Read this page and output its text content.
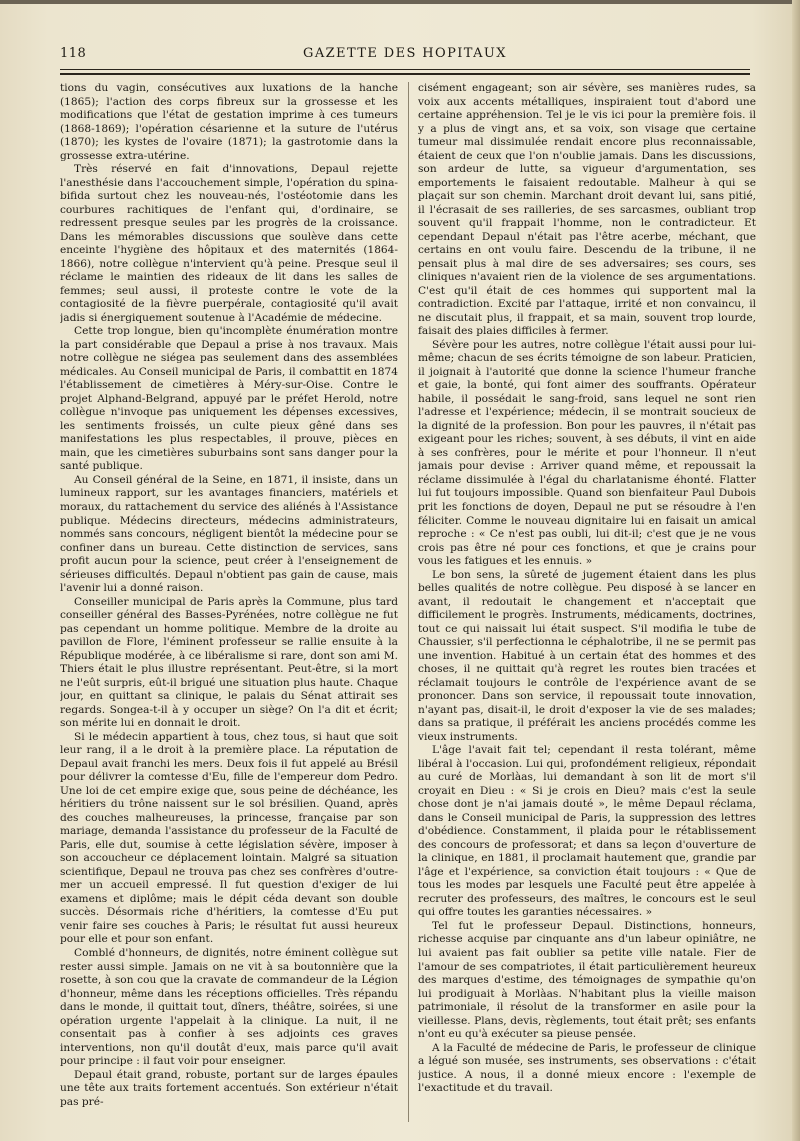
118	GAZETTE DES HOPITAUX

tions du vagin, consécutives aux luxations de la hanche (1865); l'action des corps fibreux sur la grossesse et les modifications que l'état de gestation imprime à ces tumeurs (1868-1869); l'opération césarienne et la suture de l'utérus (1870); les kystes de l'ovaire (1871); la gastrotomie dans la grossesse extra-utérine.

Très réservé en fait d'innovations, Depaul rejette l'anesthésie dans l'accouchement simple, l'opération du spina-bifida surtout chez les nouveau-nés, l'ostéotomie dans les courbures rachitiques de l'enfant qui, d'ordinaire, se redressent presque seules par les progrès de la croissance. Dans les mémorables discussions que soulève dans cette enceinte l'hygiène des hôpitaux et des maternités (1864-1866), notre collègue n'intervient qu'à peine. Presque seul il réclame le maintien des rideaux de lit dans les salles de femmes; seul aussi, il proteste contre le vote de la contagiosité de la fièvre puerpérale, contagiosité qu'il avait jadis si énergiquement soutenue à l'Académie de médecine.

Cette trop longue, bien qu'incomplète énumération montre la part considérable que Depaul a prise à nos travaux. Mais notre collègue ne siégea pas seulement dans des assemblées médicales. Au Conseil municipal de Paris, il combattit en 1874 l'établissement de cimetières à Méry-sur-Oise. Contre le projet Alphand-Belgrand, appuyé par le préfet Herold, notre collègue n'invoque pas uniquement les dépenses excessives, les sentiments froissés, un culte pieux gêné dans ses manifestations les plus respectables, il prouve, pièces en main, que les cimetières suburbains sont sans danger pour la santé publique.

Au Conseil général de la Seine, en 1871, il insiste, dans un lumineux rapport, sur les avantages financiers, matériels et moraux, du rattachement du service des aliénés à l'Assistance publique. Médecins directeurs, médecins administrateurs, nommés sans concours, négligent bientôt la médecine pour se confiner dans un bureau. Cette distinction de services, sans profit aucun pour la science, peut créer à l'enseignement de sérieuses difficultés. Depaul n'obtient pas gain de cause, mais l'avenir lui a donné raison.

Conseiller municipal de Paris après la Commune, plus tard conseiller général des Basses-Pyrénées, notre collègue ne fut pas cependant un homme politique. Membre de la droite au pavillon de Flore, l'éminent professeur se rallie ensuite à la République modérée, à ce libéralisme si rare, dont son ami M. Thiers était le plus illustre représentant. Peut-être, si la mort ne l'eût surpris, eût-il brigué une situation plus haute. Chaque jour, en quittant sa clinique, le palais du Sénat attirait ses regards. Songea-t-il à y occuper un siège? On l'a dit et écrit; son mérite lui en donnait le droit.

Si le médecin appartient à tous, chez tous, si haut que soit leur rang, il a le droit à la première place. La réputation de Depaul avait franchi les mers. Deux fois il fut appelé au Brésil pour délivrer la comtesse d'Eu, fille de l'empereur dom Pedro. Une loi de cet empire exige que, sous peine de déchéance, les héritiers du trône naissent sur le sol brésilien. Quand, après des couches malheureuses, la princesse, française par son mariage, demanda l'assistance du professeur de la Faculté de Paris, elle dut, soumise à cette législation sévère, imposer à son accoucheur ce déplacement lointain. Malgré sa situation scientifique, Depaul ne trouva pas chez ses confrères d'outre-mer un accueil empressé. Il fut question d'exiger de lui examens et diplôme; mais le dépit céda devant son double succès. Désormais riche d'héritiers, la comtesse d'Eu put venir faire ses couches à Paris; le résultat fut aussi heureux pour elle et pour son enfant.

Comblé d'honneurs, de dignités, notre éminent collègue sut rester aussi simple. Jamais on ne vit à sa boutonnière que la rosette, à son cou que la cravate de commandeur de la Légion d'honneur, même dans les réceptions officielles. Très répandu dans le monde, il quittait tout, dîners, théâtre, soirées, si une opération urgente l'appelait à la clinique. La nuit, il ne consentait pas à confier à ses adjoints ces graves interventions, non qu'il doutât d'eux, mais parce qu'il avait pour principe : il faut voir pour enseigner.

Depaul était grand, robuste, portant sur de larges épaules une tête aux traits fortement accentués. Son extérieur n'était pas pré-

cisément engageant; son air sévère, ses manières rudes, sa voix aux accents métalliques, inspiraient tout d'abord une certaine appréhension. Tel je le vis ici pour la première fois. il y a plus de vingt ans, et sa voix, son visage que certaine tumeur mal dissimulée rendait encore plus reconnaissable, étaient de ceux que l'on n'oublie jamais. Dans les discussions, son ardeur de lutte, sa vigueur d'argumentation, ses emportements le faisaient redoutable. Malheur à qui se plaçait sur son chemin. Marchant droit devant lui, sans pitié, il l'écrasait de ses railleries, de ses sarcasmes, oubliant trop souvent qu'il frappait l'homme, non le contradicteur. Et cependant Depaul n'était pas l'être acerbe, méchant, que certains en ont voulu faire. Descendu de la tribune, il ne pensait plus à mal dire de ses adversaires; ses cours, ses cliniques n'avaient rien de la violence de ses argumentations. C'est qu'il était de ces hommes qui supportent mal la contradiction. Excité par l'attaque, irrité et non convaincu, il ne discutait plus, il frappait, et sa main, souvent trop lourde, faisait des plaies difficiles à fermer.

Sévère pour les autres, notre collègue l'était aussi pour lui-même; chacun de ses écrits témoigne de son labeur. Praticien, il joignait à l'autorité que donne la science l'humeur franche et gaie, la bonté, qui font aimer des souffrants. Opérateur habile, il possédait le sang-froid, sans lequel ne sont rien l'adresse et l'expérience; médecin, il se montrait soucieux de la dignité de la profession. Bon pour les pauvres, il n'était pas exigeant pour les riches; souvent, à ses débuts, il vint en aide à ses confrères, pour le mérite et pour l'honneur. Il n'eut jamais pour devise : Arriver quand même, et repoussait la réclame dissimulée à l'égal du charlatanisme éhonté. Flatter lui fut toujours impossible. Quand son bienfaiteur Paul Dubois prit les fonctions de doyen, Depaul ne put se résoudre à l'en féliciter. Comme le nouveau dignitaire lui en faisait un amical reproche : « Ce n'est pas oubli, lui dit-il; c'est que je ne vous crois pas être né pour ces fonctions, et que je crains pour vous les fatigues et les ennuis. »

Le bon sens, la sûreté de jugement étaient dans les plus belles qualités de notre collègue. Peu disposé à se lancer en avant, il redoutait le changement et n'acceptait que difficilement le progrès. Instruments, médicaments, doctrines, tout ce qui naissait lui était suspect. S'il modifia le tube de Chaussier, s'il perfectionna le céphalotribe, il ne se permit pas une invention. Habitué à un certain état des hommes et des choses, il ne quittait qu'à regret les routes bien tracées et réclamait toujours le contrôle de l'expérience avant de se prononcer. Dans son service, il repoussait toute innovation, n'ayant pas, disait-il, le droit d'exposer la vie de ses malades; dans sa pratique, il préférait les anciens procédés comme les vieux instruments.

L'âge l'avait fait tel; cependant il resta tolérant, même libéral à l'occasion. Lui qui, profondément religieux, répondait au curé de Morlàas, lui demandant à son lit de mort s'il croyait en Dieu : « Si je crois en Dieu? mais c'est la seule chose dont je n'ai jamais douté », le même Depaul réclama, dans le Conseil municipal de Paris, la suppression des lettres d'obédience. Constamment, il plaida pour le rétablissement des concours de professorat; et dans sa leçon d'ouverture de la clinique, en 1881, il proclamait hautement que, grandie par l'âge et l'expérience, sa conviction était toujours : « Que de tous les modes par lesquels une Faculté peut être appelée à recruter des professeurs, des maîtres, le concours est le seul qui offre toutes les garanties nécessaires. »

Tel fut le professeur Depaul. Distinctions, honneurs, richesse acquise par cinquante ans d'un labeur opiniâtre, ne lui avaient pas fait oublier sa petite ville natale. Fier de l'amour de ses compatriotes, il était particulièrement heureux des marques d'estime, des témoignages de sympathie qu'on lui prodiguait à Morlàas. N'habitant plus la vieille maison patrimoniale, il résolut de la transformer en asile pour la vieillesse. Plans, devis, règlements, tout était prêt; ses enfants n'ont eu qu'à exécuter sa pieuse pensée.

A la Faculté de médecine de Paris, le professeur de clinique a légué son musée, ses instruments, ses observations : c'était justice. A nous, il a donné mieux encore : l'exemple de l'exactitude et du travail.
